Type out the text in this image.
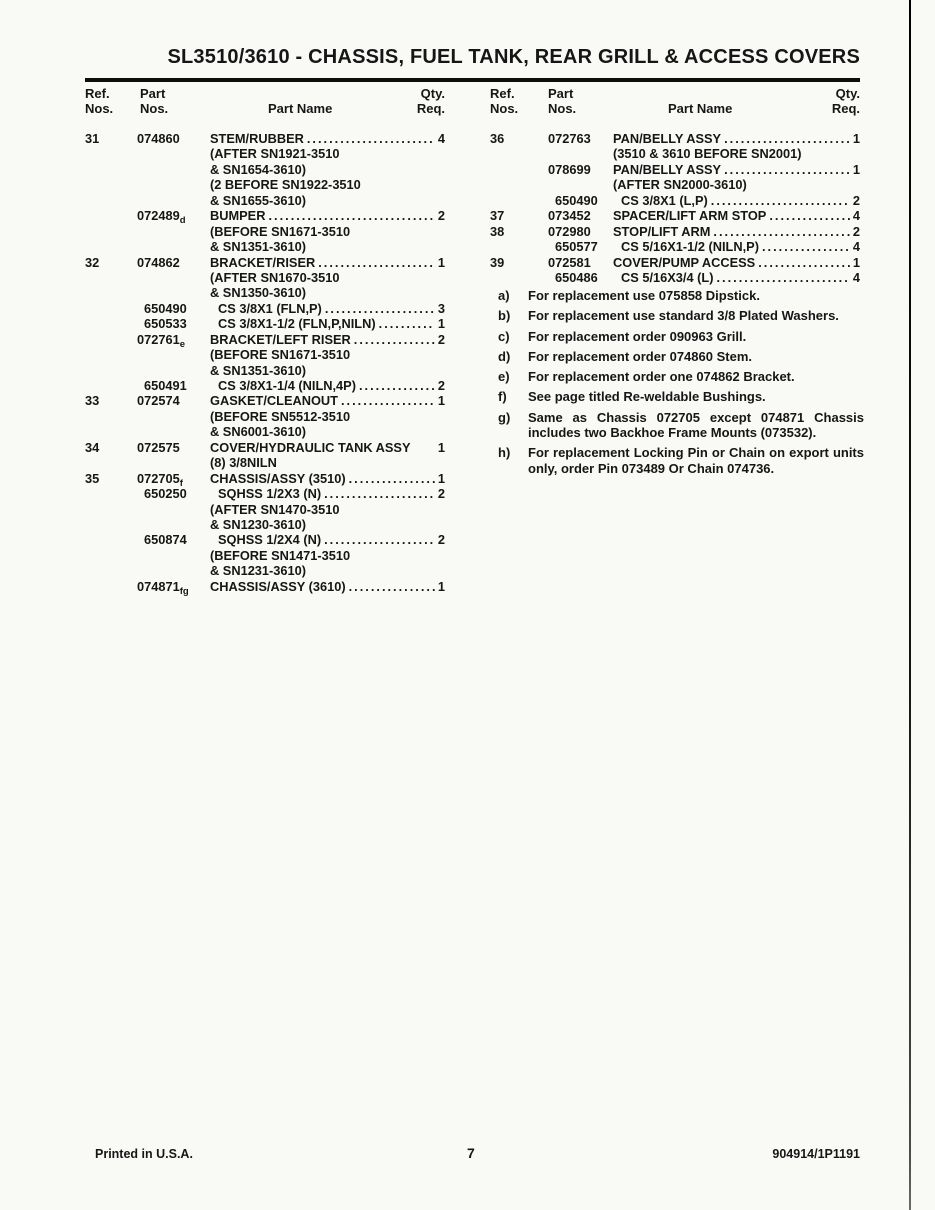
SL3510/3610 - CHASSIS, FUEL TANK, REAR GRILL & ACCESS COVERS
Ref.
Nos.
Part
Nos.	Part Name
Qty.
Req.
Ref.
Nos.
Part
Nos.	Part Name
Qty.
Req.
31	074860	STEM/RUBBER .....	4
(AFTER SN1921-3510
& SN1654-3610)
(2 BEFORE SN1922-3510
& SN1655-3610)
$072489_d$	BUMPER .....	2
(BEFORE SN1671-3510
& SN1351-3610)
32	074862	BRACKET/RISER .....	1
(AFTER SN1670-3510
& SN1350-3610)
650490	CS 3/8X1 (FLN,P) .....	3
650533	CS 3/8X1-1/2 (FLN,P,NILN) .....	1
$072761_e$	BRACKET/LEFT RISER .....	2
(BEFORE SN1671-3510
& SN1351-3610)
650491	CS 3/8X1-1/4 (NILN,4P) .....	2
33	072574	GASKET/CLEANOUT .....	1
(BEFORE SN5512-3510
& SN6001-3610)
34	072575	COVER/HYDRAULIC TANK ASSY 1
(8) 3/8NILN
35	$072705_f$	CHASSIS/ASSY (3510) .....	1
650250	SQHSS 1/2X3 (N) .....	2
(AFTER SN1470-3510
& SN1230-3610)
650874	SQHSS 1/2X4 (N) .....	2
(BEFORE SN1471-3510
& SN1231-3610)
$074871_{fg}$	CHASSIS/ASSY (3610) .....	1
36	072763	PAN/BELLY ASSY .....	1
(3510 & 3610 BEFORE SN2001)
078699	PAN/BELLY ASSY .....	1
(AFTER SN2000-3610)
650490	CS 3/8X1 (L,P) .....	2
37	073452	SPACER/LIFT ARM STOP .....	4
38	072980	STOP/LIFT ARM .....	2
650577	CS 5/16X1-1/2 (NILN,P) .....	4
39	072581	COVER/PUMP ACCESS .....	1
650486	CS 5/16X3/4 (L) .....	4
a)	For replacement use 075858 Dipstick.
b)	For replacement use standard 3/8 Plated Washers.
c)	For replacement order 090963 Grill.
d)	For replacement order 074860 Stem.
e)	For replacement order one 074862 Bracket.
f)	See page titled Re-weldable Bushings.
g)	Same as Chassis 072705 except 074871 Chassis includes two Backhoe Frame Mounts (073532).
h)	For replacement Locking Pin or Chain on export units only, order Pin 073489 Or Chain 074736.
Printed in U.S.A.	7	904914/1P1191
